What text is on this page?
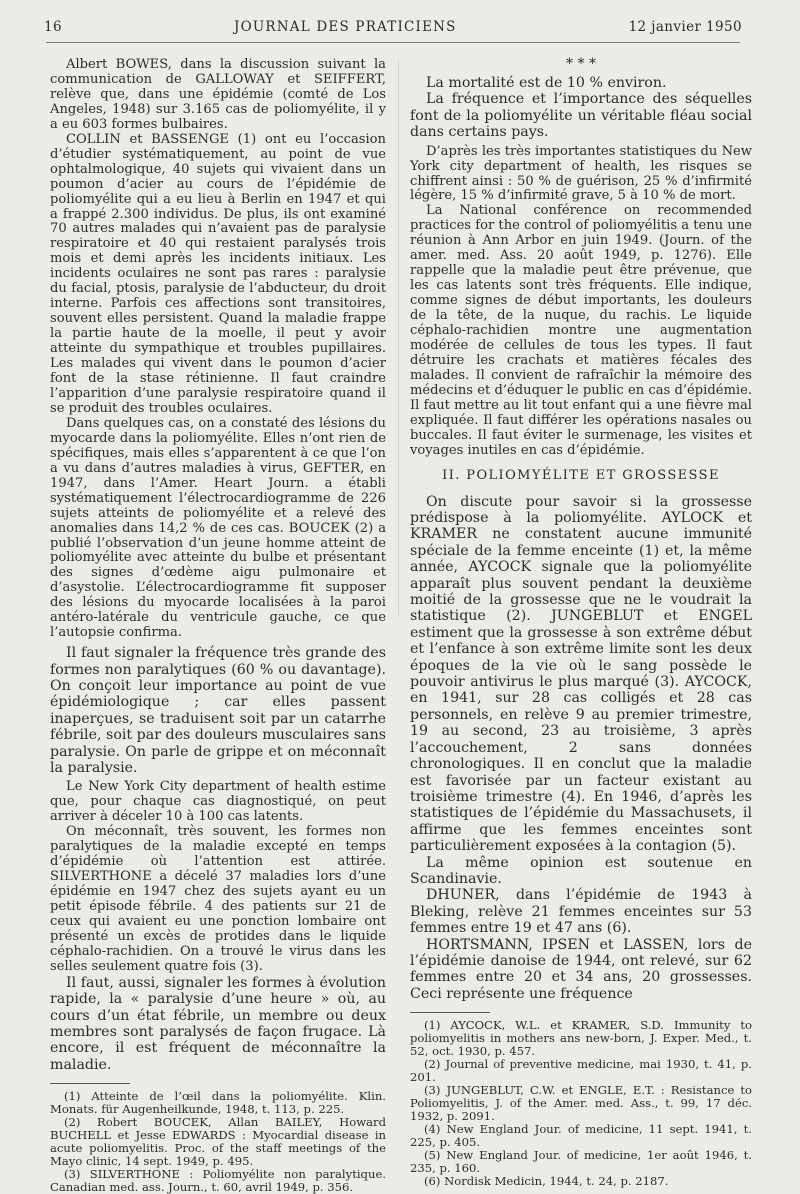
16	JOURNAL DES PRATICIENS	12 janvier 1950

Albert BOWES, dans la discussion suivant la communication de GALLOWAY et SEIFFERT, relève que, dans une épidémie (comté de Los Angeles, 1948) sur 3.165 cas de poliomyélite, il y a eu 603 formes bulbaires.

COLLIN et BASSENGE (1) ont eu l’occasion d’étudier systématiquement, au point de vue ophtalmologique, 40 sujets qui vivaient dans un poumon d’acier au cours de l’épidémie de poliomyélite qui a eu lieu à Berlin en 1947 et qui a frappé 2.300 individus. De plus, ils ont examiné 70 autres malades qui n’avaient pas de paralysie respiratoire et 40 qui restaient paralysés trois mois et demi après les incidents initiaux. Les incidents oculaires ne sont pas rares : paralysie du facial, ptosis, paralysie de l’abducteur, du droit interne. Parfois ces affections sont transitoires, souvent elles persistent. Quand la maladie frappe la partie haute de la moelle, il peut y avoir atteinte du sympathique et troubles pupillaires. Les malades qui vivent dans le poumon d’acier font de la stase rétinienne. Il faut craindre l’apparition d’une paralysie respiratoire quand il se produit des troubles oculaires.

Dans quelques cas, on a constaté des lésions du myocarde dans la poliomyélite. Elles n’ont rien de spécifiques, mais elles s’apparentent à ce que l’on a vu dans d’autres maladies à virus, GEFTER, en 1947, dans l’Amer. Heart Journ. a établi systématiquement l’électrocardiogramme de 226 sujets atteints de poliomyélite et a relevé des anomalies dans 14,2 % de ces cas. BOUCEK (2) a publié l’observation d’un jeune homme atteint de poliomyélite avec atteinte du bulbe et présentant des signes d’œdème aigu pulmonaire et d’asystolie. L’électrocardiogramme fit supposer des lésions du myocarde localisées à la paroi antéro-latérale du ventricule gauche, ce que l’autopsie confirma.

Il faut signaler la fréquence très grande des formes non paralytiques (60 % ou davantage). On conçoit leur importance au point de vue épidémiologique ; car elles passent inaperçues, se traduisent soit par un catarrhe fébrile, soit par des douleurs musculaires sans paralysie. On parle de grippe et on méconnaît la paralysie.

Le New York City department of health estime que, pour chaque cas diagnostiqué, on peut arriver à déceler 10 à 100 cas latents.

On méconnaît, très souvent, les formes non paralytiques de la maladie excepté en temps d’épidémie où l’attention est attirée. SILVERTHONE a décelé 37 maladies lors d’une épidémie en 1947 chez des sujets ayant eu un petit épisode fébrile. 4 des patients sur 21 de ceux qui avaient eu une ponction lombaire ont présenté un excès de protides dans le liquide céphalo-rachidien. On a trouvé le virus dans les selles seulement quatre fois (3).

Il faut, aussi, signaler les formes à évolution rapide, la « paralysie d’une heure » où, au cours d’un état fébrile, un membre ou deux membres sont paralysés de façon frugace. Là encore, il est fréquent de méconnaître la maladie.

(1) Atteinte de l’œil dans la poliomyélite. Klin. Monats. für Augenheilkunde, 1948, t. 113, p. 225.

(2) Robert BOUCEK, Allan BAILEY, Howard BUCHELL et Jesse EDWARDS : Myocardial disease in acute poliomyelitis. Proc. of the staff meetings of the Mayo clinic, 14 sept. 1949, p. 495.

(3) SILVERTHONE : Poliomyélite non paralytique. Canadian med. ass. Journ., t. 60, avril 1949, p. 356.

* * *

La mortalité est de 10 % environ.

La fréquence et l’importance des séquelles font de la poliomyélite un véritable fléau social dans certains pays.

D’après les très importantes statistiques du New York city department of health, les risques se chiffrent ainsi : 50 % de guérison, 25 % d’infirmité légère, 15 % d’infirmité grave, 5 à 10 % de mort.

La National conférence on recommended practices for the control of poliomyélitis a tenu une réunion à Ann Arbor en juin 1949. (Journ. of the amer. med. Ass. 20 août 1949, p. 1276). Elle rappelle que la maladie peut être prévenue, que les cas latents sont très fréquents. Elle indique, comme signes de début importants, les douleurs de la tête, de la nuque, du rachis. Le liquide céphalo-rachidien montre une augmentation modérée de cellules de tous les types. Il faut détruire les crachats et matières fécales des malades. Il convient de rafraîchir la mémoire des médecins et d’éduquer le public en cas d’épidémie. Il faut mettre au lit tout enfant qui a une fièvre mal expliquée. Il faut différer les opérations nasales ou buccales. Il faut éviter le surmenage, les visites et voyages inutiles en cas d’épidémie.

II. POLIOMYÉLITE ET GROSSESSE

On discute pour savoir si la grossesse prédispose à la poliomyélite. AYLOCK et KRAMER ne constatent aucune immunité spéciale de la femme enceinte (1) et, la même année, AYCOCK signale que la poliomyélite apparaît plus souvent pendant la deuxième moitié de la grossesse que ne le voudrait la statistique (2). JUNGEBLUT et ENGEL estiment que la grossesse à son extrême début et l’enfance à son extrême limite sont les deux époques de la vie où le sang possède le pouvoir antivirus le plus marqué (3). AYCOCK, en 1941, sur 28 cas colligés et 28 cas personnels, en relève 9 au premier trimestre, 19 au second, 23 au troisième, 3 après l’accouchement, 2 sans données chronologiques. Il en conclut que la maladie est favorisée par un facteur existant au troisième trimestre (4). En 1946, d’après les statistiques de l’épidémie du Massachusets, il affirme que les femmes enceintes sont particulièrement exposées à la contagion (5).

La même opinion est soutenue en Scandinavie.

DHUNER, dans l’épidémie de 1943 à Bleking, relève 21 femmes enceintes sur 53 femmes entre 19 et 47 ans (6).

HORTSMANN, IPSEN et LASSEN, lors de l’épidémie danoise de 1944, ont relevé, sur 62 femmes entre 20 et 34 ans, 20 grossesses. Ceci représente une fréquence

(1) AYCOCK, W.L. et KRAMER, S.D. Immunity to poliomyelitis in mothers ans new-born, J. Exper. Med., t. 52, oct. 1930, p. 457.

(2) Journal of preventive medicine, mai 1930, t. 41, p. 201.

(3) JUNGEBLUT, C.W. et ENGLE, E.T. : Resistance to Poliomyelitis, J. of the Amer. med. Ass., t. 99, 17 déc. 1932, p. 2091.

(4) New England Jour. of medicine, 11 sept. 1941, t. 225, p. 405.

(5) New England Jour. of medicine, 1er août 1946, t. 235, p. 160.

(6) Nordisk Medicin, 1944, t. 24, p. 2187.
